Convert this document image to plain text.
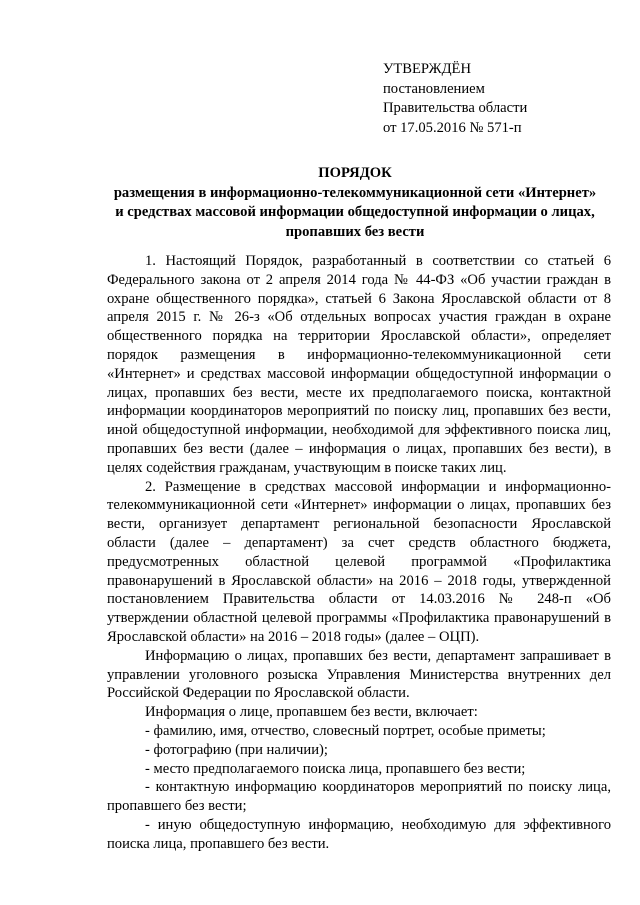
УТВЕРЖДЁН
постановлением
Правительства области
от 17.05.2016 № 571-п
ПОРЯДОК
размещения в информационно-телекоммуникационной сети «Интернет»
и средствах массовой информации общедоступной информации о лицах,
пропавших без вести

1. Настоящий Порядок, разработанный в соответствии со статьей 6 Федерального закона от 2 апреля 2014 года № 44-ФЗ «Об участии граждан в охране общественного порядка», статьей 6 Закона Ярославской области от 8 апреля 2015 г. № 26-з «Об отдельных вопросах участия граждан в охране общественного порядка на территории Ярославской области», определяет порядок размещения в информационно-телекоммуникационной сети «Интернет» и средствах массовой информации общедоступной информации о лицах, пропавших без вести, месте их предполагаемого поиска, контактной информации координаторов мероприятий по поиску лиц, пропавших без вести, иной общедоступной информации, необходимой для эффективного поиска лиц, пропавших без вести (далее – информация о лицах, пропавших без вести), в целях содействия гражданам, участвующим в поиске таких лиц.

2. Размещение в средствах массовой информации и информационно-телекоммуникационной сети «Интернет» информации о лицах, пропавших без вести, организует департамент региональной безопасности Ярославской области (далее – департамент) за счет средств областного бюджета, предусмотренных областной целевой программой «Профилактика правонарушений в Ярославской области» на 2016 – 2018 годы, утвержденной постановлением Правительства области от 14.03.2016 № 248-п «Об утверждении областной целевой программы «Профилактика правонарушений в Ярославской области» на 2016 – 2018 годы» (далее – ОЦП).

Информацию о лицах, пропавших без вести, департамент запрашивает в управлении уголовного розыска Управления Министерства внутренних дел Российской Федерации по Ярославской области.

Информация о лице, пропавшем без вести, включает:

- фамилию, имя, отчество, словесный портрет, особые приметы;

- фотографию (при наличии);

- место предполагаемого поиска лица, пропавшего без вести;

- контактную информацию координаторов мероприятий по поиску лица, пропавшего без вести;

- иную общедоступную информацию, необходимую для эффективного поиска лица, пропавшего без вести.
